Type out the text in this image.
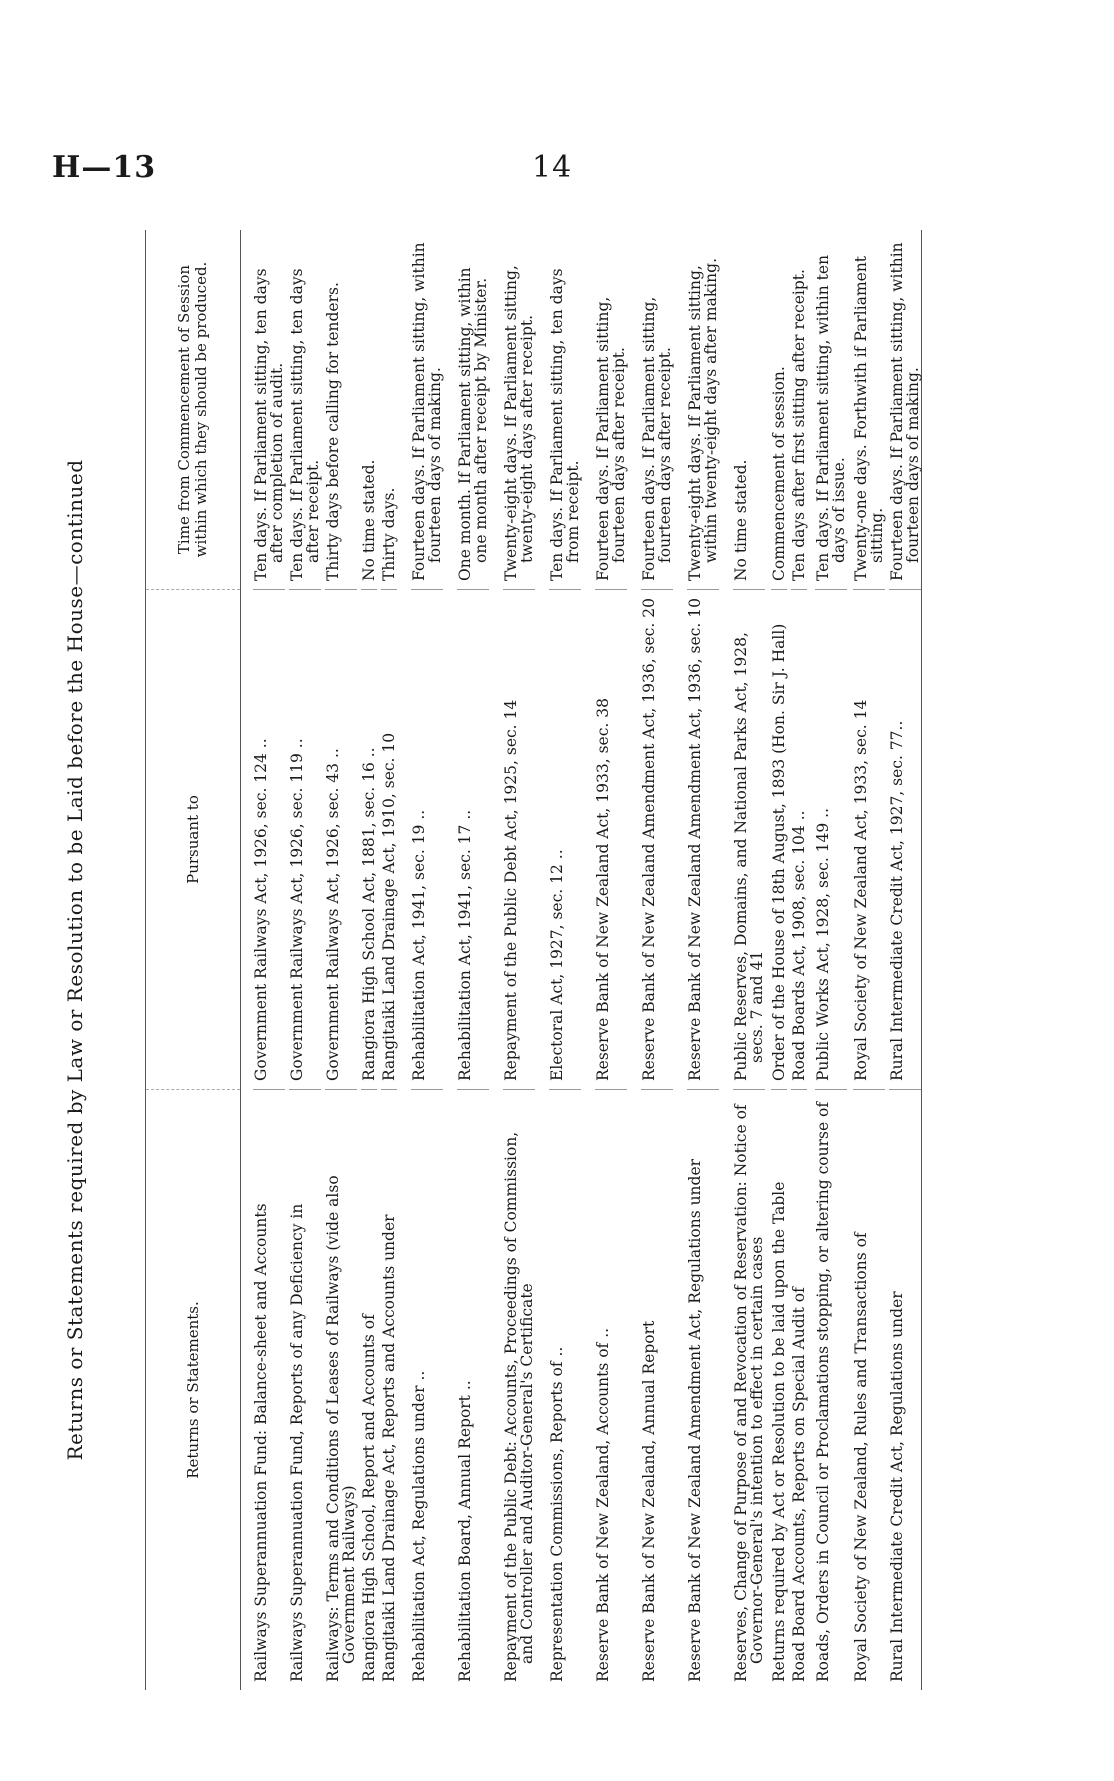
H—13	14
Returns or Statements required by Law or Resolution to be Laid before the House—continued	Returns or Statements.
Pursuant to
Time from Commencement of Session within which they should be produced.
Railways Superannuation Fund: Balance-sheet and Accounts
Government Railways Act, 1926, sec. 124 ..
Ten days. If Parliament sitting, ten days after completion of audit.
Railways Superannuation Fund, Reports of any Deficiency in
Government Railways Act, 1926, sec. 119 ..
Ten days. If Parliament sitting, ten days after receipt.
Railways: Terms and Conditions of Leases of Railways (vide also Government Railways)
Government Railways Act, 1926, sec. 43 ..
Thirty days before calling for tenders.
Rangiora High School, Report and Accounts of
Rangiora High School Act, 1881, sec. 16 ..
No time stated.
Rangitaiki Land Drainage Act, Reports and Accounts under
Rangitaiki Land Drainage Act, 1910, sec. 10
Thirty days.
Rehabilitation Act, Regulations under ..
Rehabilitation Act, 1941, sec. 19 ..
Fourteen days. If Parliament sitting, within fourteen days of making.
Rehabilitation Board, Annual Report ..
Rehabilitation Act, 1941, sec. 17 ..
One month. If Parliament sitting, within one month after receipt by Minister.
Repayment of the Public Debt: Accounts, Proceedings of Commission, and Controller and Auditor-General's Certificate
Repayment of the Public Debt Act, 1925, sec. 14
Twenty-eight days. If Parliament sitting, twenty-eight days after receipt.
Representation Commissions, Reports of ..
Electoral Act, 1927, sec. 12 ..
Ten days. If Parliament sitting, ten days from receipt.
Reserve Bank of New Zealand, Accounts of ..
Reserve Bank of New Zealand Act, 1933, sec. 38
Fourteen days. If Parliament sitting, fourteen days after receipt.
Reserve Bank of New Zealand, Annual Report
Reserve Bank of New Zealand Amendment Act, 1936, sec. 20
Fourteen days. If Parliament sitting, fourteen days after receipt.
Reserve Bank of New Zealand Amendment Act, Regulations under
Reserve Bank of New Zealand Amendment Act, 1936, sec. 10
Twenty-eight days. If Parliament sitting, within twenty-eight days after making.
Reserves, Change of Purpose of and Revocation of Reservation: Notice of Governor-General's intention to effect in certain cases
Public Reserves, Domains, and National Parks Act, 1928, secs. 7 and 41
No time stated.
Returns required by Act or Resolution to be laid upon the Table
Order of the House of 18th August, 1893 (Hon. Sir J. Hall)
Commencement of session.
Road Board Accounts, Reports on Special Audit of
Road Boards Act, 1908, sec. 104 ..
Ten days after first sitting after receipt.
Roads, Orders in Council or Proclamations stopping, or altering course of
Public Works Act, 1928, sec. 149 ..
Ten days. If Parliament sitting, within ten days of issue.
Royal Society of New Zealand, Rules and Transactions of
Royal Society of New Zealand Act, 1933, sec. 14
Twenty-one days. Forthwith if Parliament sitting.
Rural Intermediate Credit Act, Regulations under
Rural Intermediate Credit Act, 1927, sec. 77..
Fourteen days. If Parliament sitting, within fourteen days of making.
